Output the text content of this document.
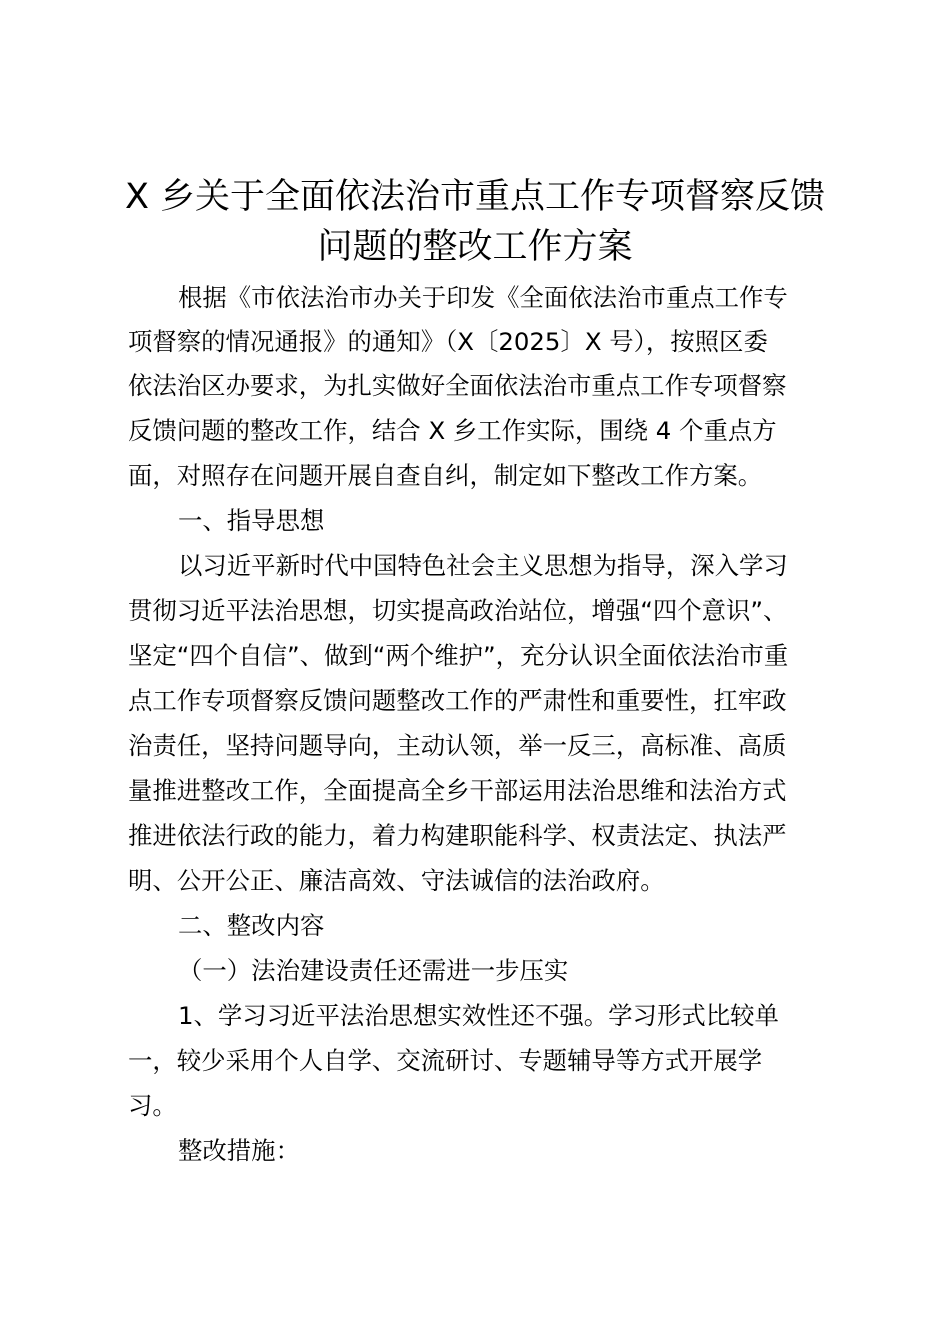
X 乡关于全面依法治市重点工作专项督察反馈
问题的整改工作方案
根据《市依法治市办关于印发《全面依法治市重点工作专
项督察的情况通报》的通知》（X〔2025〕X 号），按照区委
依法治区办要求，为扎实做好全面依法治市重点工作专项督察
反馈问题的整改工作，结合 X 乡工作实际，围绕 4 个重点方
面，对照存在问题开展自查自纠，制定如下整改工作方案。
一、指导思想
以习近平新时代中国特色社会主义思想为指导，深入学习
贯彻习近平法治思想，切实提高政治站位，增强“四个意识”、
坚定“四个自信”、做到“两个维护”，充分认识全面依法治市重
点工作专项督察反馈问题整改工作的严肃性和重要性，扛牢政
治责任，坚持问题导向，主动认领，举一反三，高标准、高质
量推进整改工作，全面提高全乡干部运用法治思维和法治方式
推进依法行政的能力，着力构建职能科学、权责法定、执法严
明、公开公正、廉洁高效、守法诚信的法治政府。
二、整改内容
（一）法治建设责任还需进一步压实
1、学习习近平法治思想实效性还不强。学习形式比较单
一，较少采用个人自学、交流研讨、专题辅导等方式开展学
习。
整改措施：
